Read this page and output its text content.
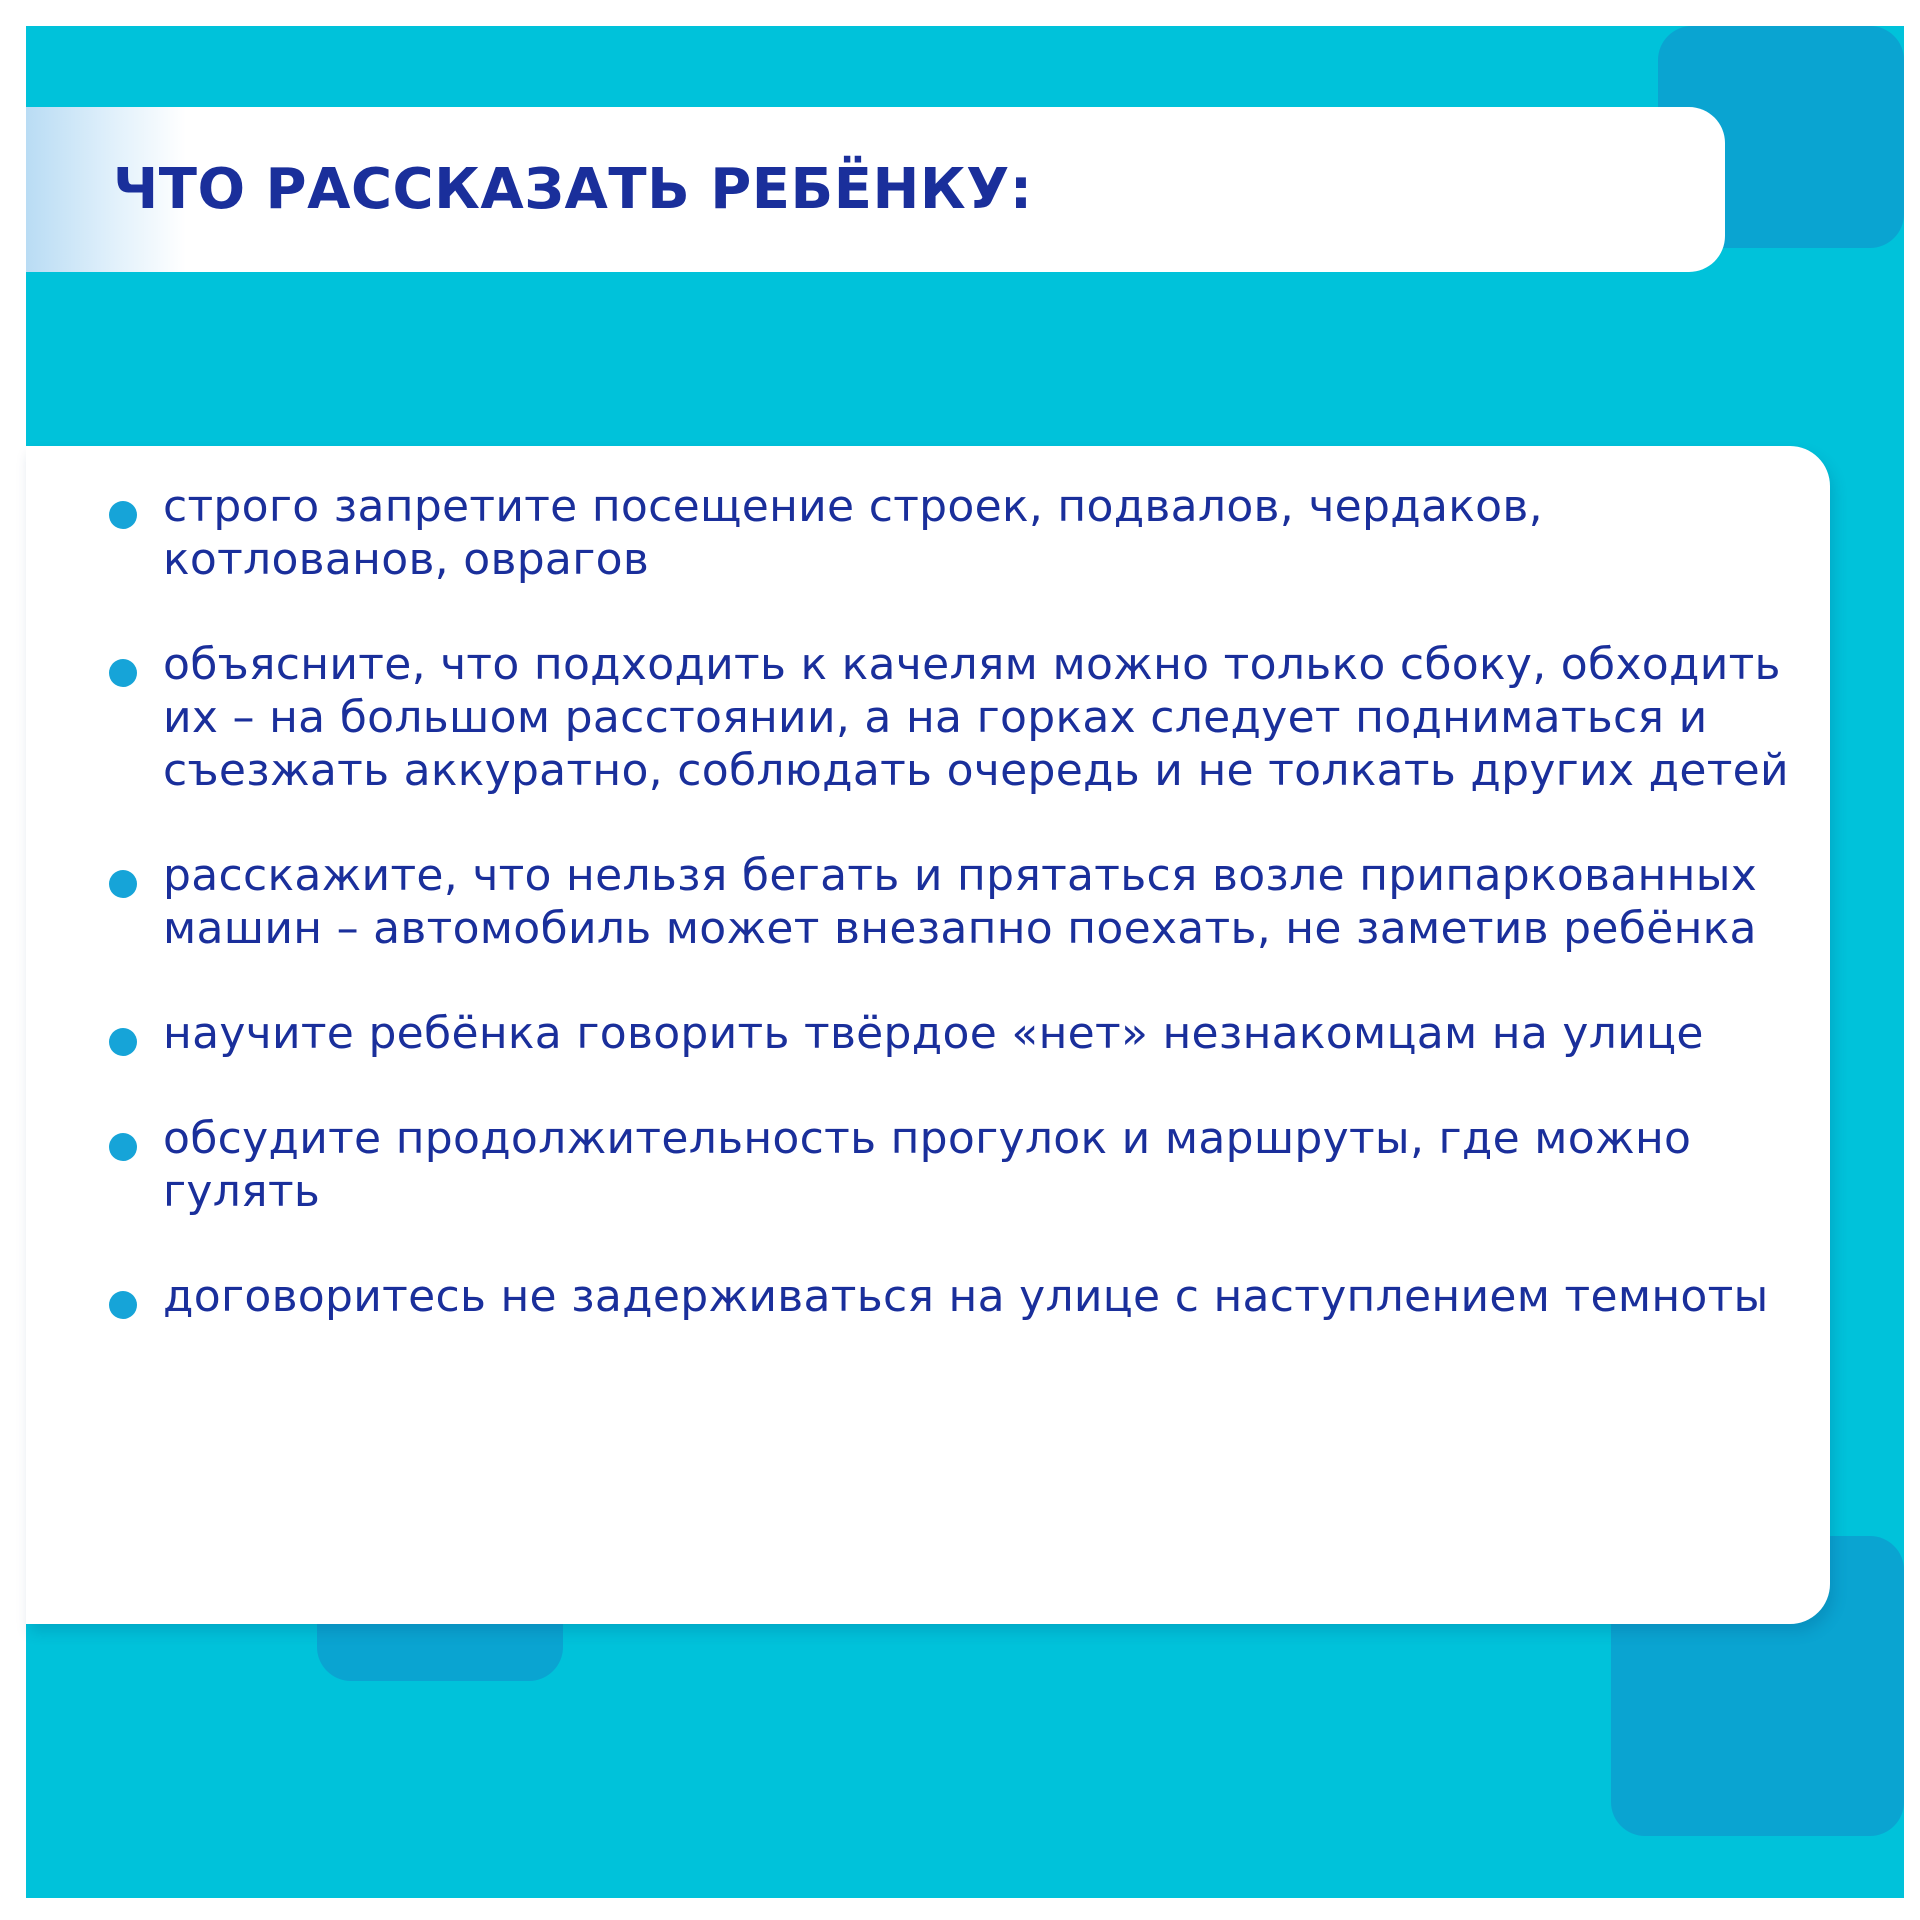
ЧТО РАССКАЗАТЬ РЕБЁНКУ:
строго запретите посещение строек, подвалов, чердаков, котлованов, оврагов
объясните, что подходить к качелям можно только сбоку, обходить их – на большом расстоянии, а на горках следует подниматься и съезжать аккуратно, соблюдать очередь и не толкать других детей
расскажите, что нельзя бегать и прятаться возле припаркованных машин – автомобиль может внезапно поехать, не заметив ребёнка
научите ребёнка говорить твёрдое «нет» незнакомцам на улице
обсудите продолжительность прогулок и маршруты, где можно гулять
договоритесь не задерживаться на улице с наступлением темноты
